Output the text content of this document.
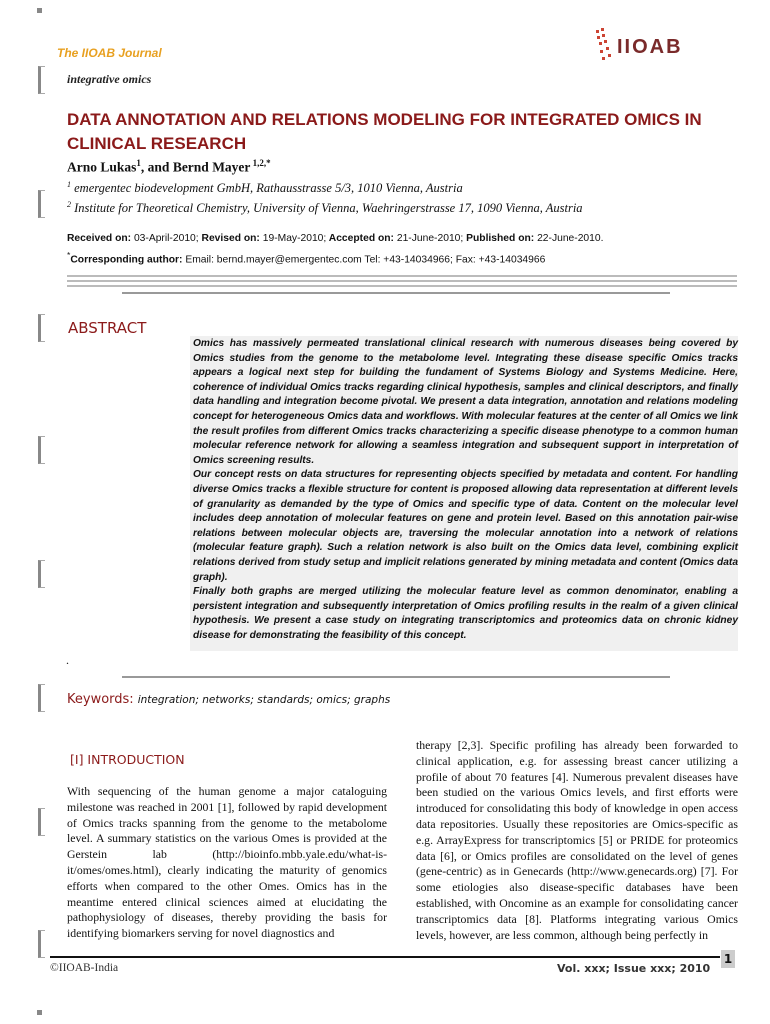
The IIOAB Journal
integrative omics
IIOAB
DATA ANNOTATION AND RELATIONS MODELING FOR INTEGRATED OMICS IN CLINICAL RESEARCH
Arno Lukas$^1$, and Bernd Mayer $^{1,2,*}$
$^1$ emergentec biodevelopment GmbH, Rathausstrasse 5/3, 1010 Vienna, Austria
$^2$ Institute for Theoretical Chemistry, University of Vienna, Waehringerstrasse 17, 1090 Vienna, Austria
Received on: 03-April-2010; Revised on: 19-May-2010; Accepted on: 21-June-2010; Published on: 22-June-2010.
*Corresponding author: Email: bernd.mayer@emergentec.com Tel: +43-14034966; Fax: +43-14034966
ABSTRACT

Omics has massively permeated translational clinical research with numerous diseases being covered by Omics studies from the genome to the metabolome level. Integrating these disease specific Omics tracks appears a logical next step for building the fundament of Systems Biology and Systems Medicine. Here, coherence of individual Omics tracks regarding clinical hypothesis, samples and clinical descriptors, and finally data handling and integration become pivotal. We present a data integration, annotation and relations modeling concept for heterogeneous Omics data and workflows. With molecular features at the center of all Omics we link the result profiles from different Omics tracks characterizing a specific disease phenotype to a common human molecular reference network for allowing a seamless integration and subsequent support in interpretation of Omics screening results.

Our concept rests on data structures for representing objects specified by metadata and content. For handling diverse Omics tracks a flexible structure for content is proposed allowing data representation at different levels of granularity as demanded by the type of Omics and specific type of data. Content on the molecular level includes deep annotation of molecular features on gene and protein level. Based on this annotation pair-wise relations between molecular objects are, traversing the molecular annotation into a network of relations (molecular feature graph). Such a relation network is also built on the Omics data level, combining explicit relations derived from study setup and implicit relations generated by mining metadata and content (Omics data graph).

Finally both graphs are merged utilizing the molecular feature level as common denominator, enabling a persistent integration and subsequently interpretation of Omics profiling results in the realm of a given clinical hypothesis. We present a case study on integrating transcriptomics and proteomics data on chronic kidney disease for demonstrating the feasibility of this concept.

.
Keywords: integration; networks; standards; omics; graphs
[I] INTRODUCTION

With sequencing of the human genome a major cataloguing milestone was reached in 2001 [1], followed by rapid development of Omics tracks spanning from the genome to the metabolome level. A summary statistics on the various Omes is provided at the Gerstein lab (http://bioinfo.mbb.yale.edu/what-is-it/omes/omes.html), clearly indicating the maturity of genomics efforts when compared to the other Omes. Omics has in the meantime entered clinical sciences aimed at elucidating the pathophysiology of diseases, thereby providing the basis for identifying biomarkers serving for novel diagnostics and

therapy [2,3]. Specific profiling has already been forwarded to clinical application, e.g. for assessing breast cancer utilizing a profile of about 70 features [4]. Numerous prevalent diseases have been studied on the various Omics levels, and first efforts were introduced for consolidating this body of knowledge in open access data repositories. Usually these repositories are Omics-specific as e.g. ArrayExpress for transcriptomics [5] or PRIDE for proteomics data [6], or Omics profiles are consolidated on the level of genes (gene-centric) as in Genecards (http://www.genecards.org) [7]. For some etiologies also disease-specific databases have been established, with Oncomine as an example for consolidating cancer transcriptomics data [8]. Platforms integrating various Omics levels, however, are less common, although being perfectly in

©IIOAB-India	Vol. xxx; Issue xxx; 2010
1
